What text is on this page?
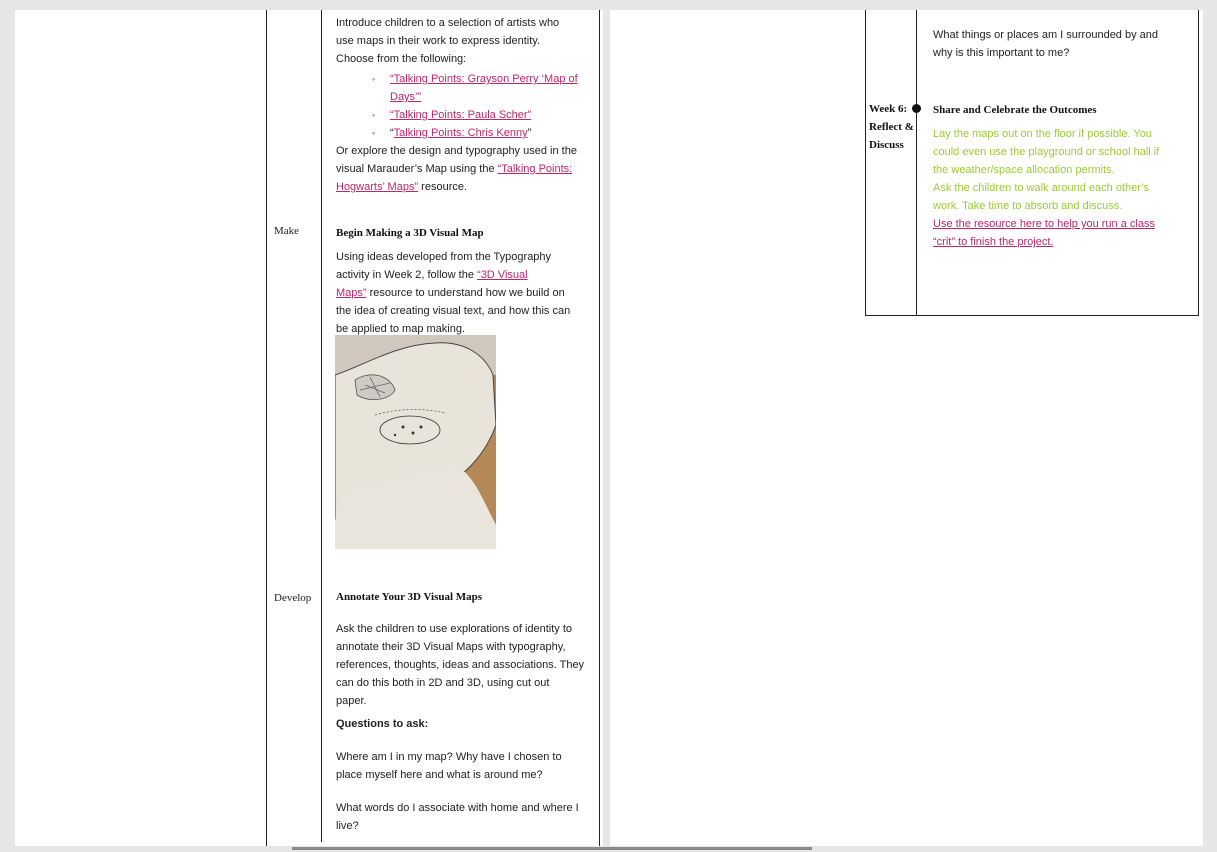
Introduce children to a selection of artists who

use maps in their work to express identity.

Choose from the following:

◦ “Talking Points: Grayson Perry ‘Map of
Days’”
◦ “Talking Points: Paula Scher”
◦ “Talking Points: Chris Kenny”

Or explore the design and typography used in the

visual Marauder’s Map using the “Talking Points:

Hogwarts’ Maps” resource.

Make	Begin Making a 3D Visual Map

Using ideas developed from the Typography

activity in Week 2, follow the “3D Visual

Maps” resource to understand how we build on

the idea of creating visual text, and how this can

be applied to map making.

Develop Annotate Your 3D Visual Maps

Ask the children to use explorations of identity to

annotate their 3D Visual Maps with typography,

references, thoughts, ideas and associations. They

can do this both in 2D and 3D, using cut out

paper.

Questions to ask:

Where am I in my map? Why have I chosen to

place myself here and what is around me?

What words do I associate with home and where I

live?

What things or places am I surrounded by and

why is this important to me?

Week 6:
Reflect &
Discuss
Share and Celebrate the Outcomes

Lay the maps out on the floor if possible. You

could even use the playground or school hall if

the weather/space allocation permits.

Ask the children to walk around each other’s

work. Take time to absorb and discuss.

Use the resource here to help you run a class

“crit” to finish the project.
